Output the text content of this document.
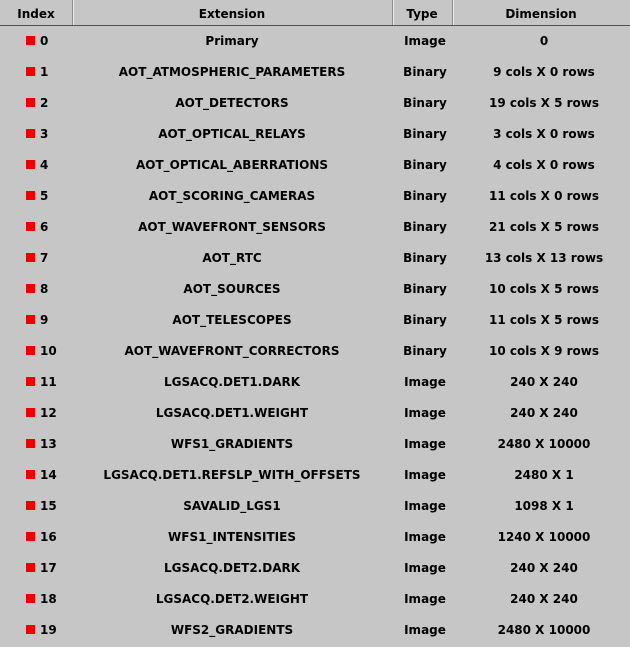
Index	Extension	Type	Dimension
0	Primary	Image	0
1	AOT_ATMOSPHERIC_PARAMETERS	Binary	9 cols X 0 rows
2	AOT_DETECTORS	Binary	19 cols X 5 rows
3	AOT_OPTICAL_RELAYS	Binary	3 cols X 0 rows
4	AOT_OPTICAL_ABERRATIONS	Binary	4 cols X 0 rows
5	AOT_SCORING_CAMERAS	Binary	11 cols X 0 rows
6	AOT_WAVEFRONT_SENSORS	Binary	21 cols X 5 rows
7	AOT_RTC	Binary	13 cols X 13 rows
8	AOT_SOURCES	Binary	10 cols X 5 rows
9	AOT_TELESCOPES	Binary	11 cols X 5 rows
10	AOT_WAVEFRONT_CORRECTORS	Binary	10 cols X 9 rows
11	LGSACQ.DET1.DARK	Image	240 X 240
12	LGSACQ.DET1.WEIGHT	Image	240 X 240
13	WFS1_GRADIENTS	Image	2480 X 10000
14	LGSACQ.DET1.REFSLP_WITH_OFFSETS	Image	2480 X 1
15	SAVALID_LGS1	Image	1098 X 1
16	WFS1_INTENSITIES	Image	1240 X 10000
17	LGSACQ.DET2.DARK	Image	240 X 240
18	LGSACQ.DET2.WEIGHT	Image	240 X 240
19	WFS2_GRADIENTS	Image	2480 X 10000
